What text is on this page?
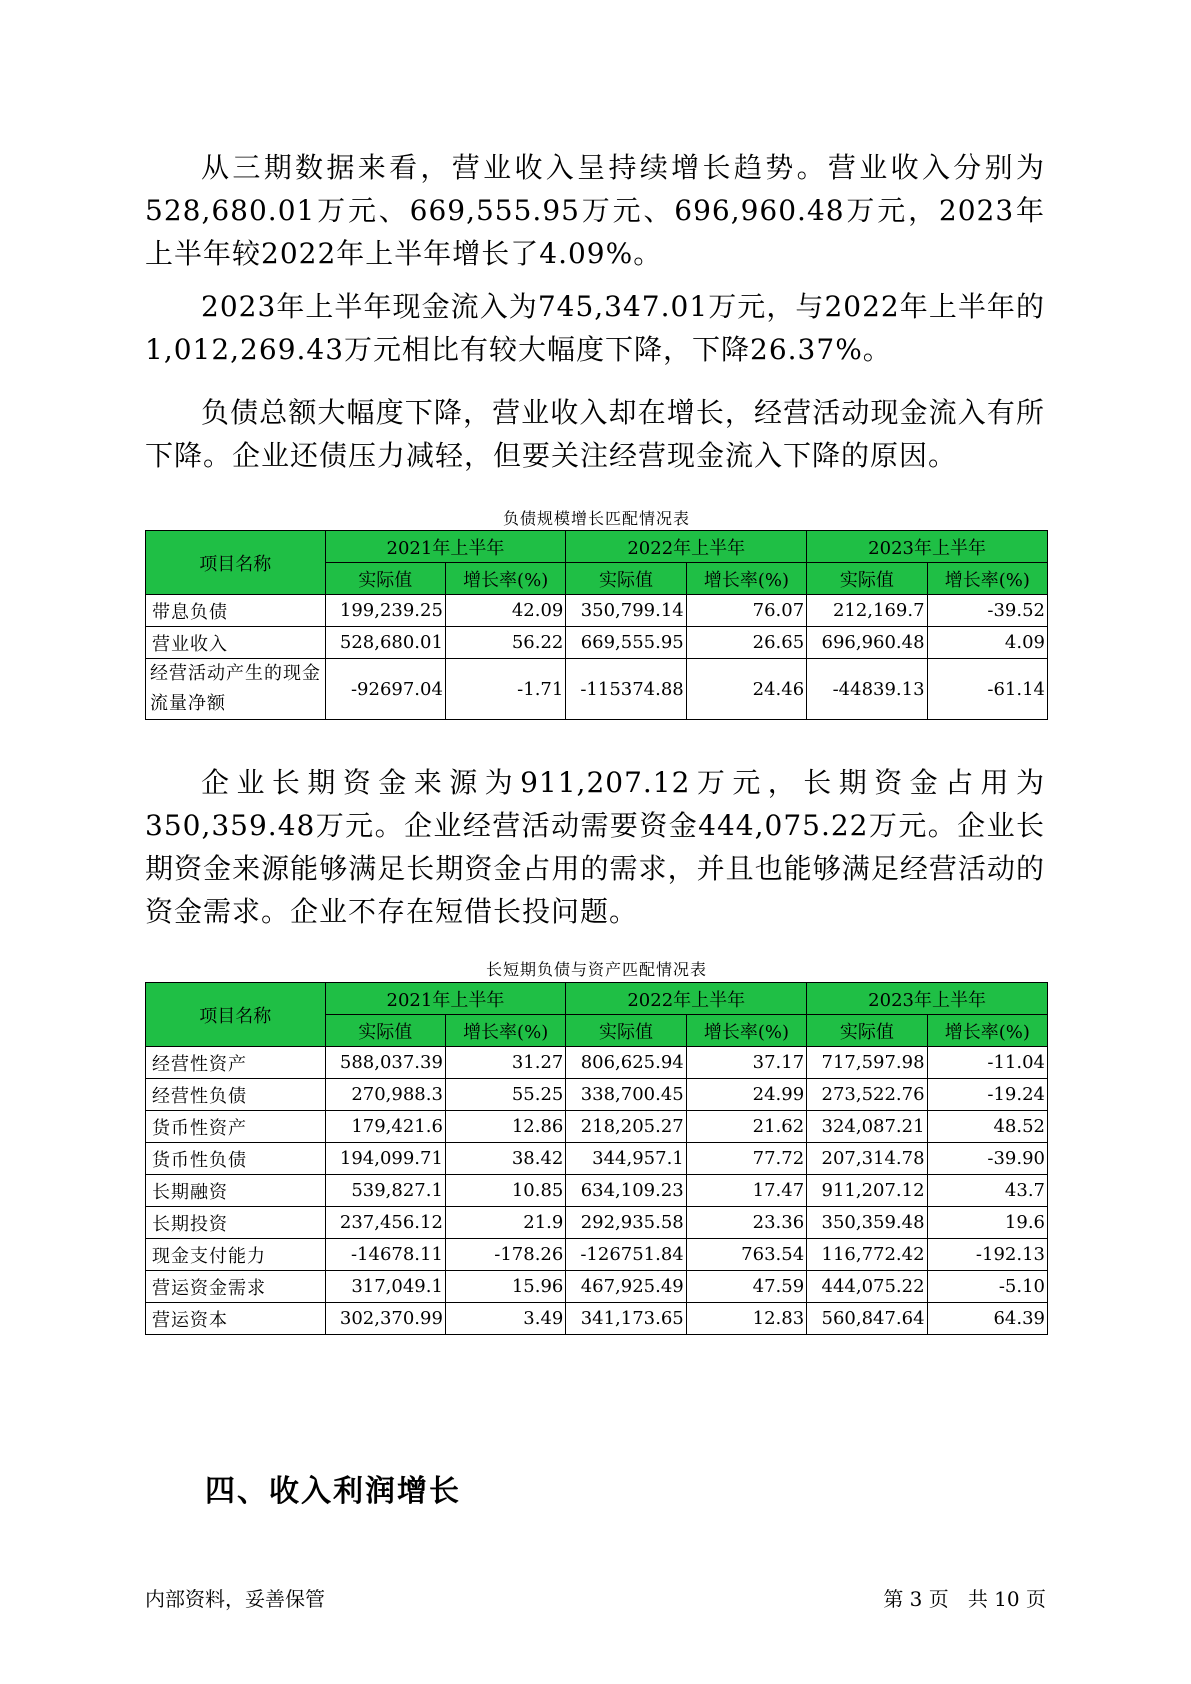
从三期数据来看，营业收入呈持续增长趋势。营业收入分别为528,680.01万元、669,555.95万元、696,960.48万元，2023年上半年较2022年上半年增长了4.09%。

2023年上半年现金流入为745,347.01万元，与2022年上半年的1,012,269.43万元相比有较大幅度下降，下降26.37%。

负债总额大幅度下降，营业收入却在增长，经营活动现金流入有所下降。企业还债压力减轻，但要关注经营现金流入下降的原因。

负债规模增长匹配情况表
项目名称	2021年上半年		2022年上半年		2023年上半年	
	实际值	增长率(%)	实际值	增长率(%)	实际值	增长率(%)
带息负债	199,239.25	42.09	350,799.14	76.07	212,169.7	-39.52
营业收入	528,680.01	56.22	669,555.95	26.65	696,960.48	4.09
经营活动产生的现金流量净额	-92697.04	-1.71	-115374.88	24.46	-44839.13	-61.14

企业长期资金来源为911,207.12万元，长期资金占用为350,359.48万元。企业经营活动需要资金444,075.22万元。企业长期资金来源能够满足长期资金占用的需求，并且也能够满足经营活动的资金需求。企业不存在短借长投问题。

长短期负债与资产匹配情况表
项目名称	2021年上半年		2022年上半年		2023年上半年	
	实际值	增长率(%)	实际值	增长率(%)	实际值	增长率(%)
经营性资产	588,037.39	31.27	806,625.94	37.17	717,597.98	-11.04
经营性负债	270,988.3	55.25	338,700.45	24.99	273,522.76	-19.24
货币性资产	179,421.6	12.86	218,205.27	21.62	324,087.21	48.52
货币性负债	194,099.71	38.42	344,957.1	77.72	207,314.78	-39.90
长期融资	539,827.1	10.85	634,109.23	17.47	911,207.12	43.7
长期投资	237,456.12	21.9	292,935.58	23.36	350,359.48	19.6
现金支付能力	-14678.11	-178.26	-126751.84	763.54	116,772.42	-192.13
营运资金需求	317,049.1	15.96	467,925.49	47.59	444,075.22	-5.10
营运资本	302,370.99	3.49	341,173.65	12.83	560,847.64	64.39
四、收入利润增长
内部资料，妥善保管	第 3 页   共 10 页
